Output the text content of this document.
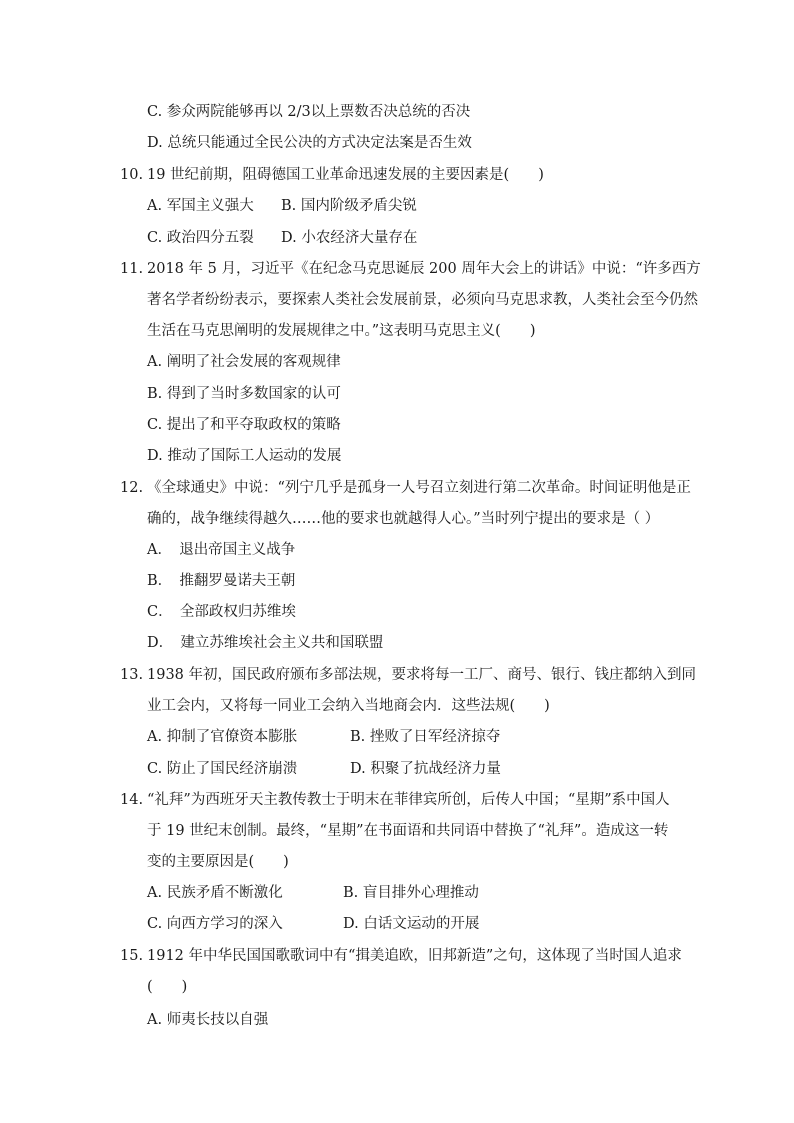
C. 参众两院能够再以 2/3以上票数否决总统的否决
D. 总统只能通过全民公决的方式决定法案是否生效
10. 19 世纪前期，阻碍德国工业革命迅速发展的主要因素是(　　)
A. 军国主义强大 B. 国内阶级矛盾尖锐
C. 政治四分五裂 D. 小农经济大量存在
11. 2018 年 5 月，习近平《在纪念马克思诞辰 200 周年大会上的讲话》中说：“许多西方
著名学者纷纷表示，要探索人类社会发展前景，必须向马克思求教，人类社会至今仍然
生活在马克思阐明的发展规律之中。”这表明马克思主义(　　)
A. 阐明了社会发展的客观规律
B. 得到了当时多数国家的认可
C. 提出了和平夺取政权的策略
D. 推动了国际工人运动的发展
12. 《全球通史》中说：“列宁几乎是孤身一人号召立刻进行第二次革命。时间证明他是正
确的，战争继续得越久……他的要求也就越得人心。”当时列宁提出的要求是（ ）
A．　退出帝国主义战争
B．　推翻罗曼诺夫王朝
C．　全部政权归苏维埃
D．　建立苏维埃社会主义共和国联盟
13. 1938 年初，国民政府颁布多部法规，要求将每一工厂、商号、银行、钱庄都纳入到同
业工会内，又将每一同业工会纳入当地商会内．这些法规(　　)
A. 抑制了官僚资本膨胀	B. 挫败了日军经济掠夺
C. 防止了国民经济崩溃	D. 积聚了抗战经济力量
14. “礼拜”为西班牙天主教传教士于明末在菲律宾所创，后传人中国；“星期”系中国人
于 19 世纪末创制。最终，“星期”在书面语和共同语中替换了“礼拜”。造成这一转
变的主要原因是(　　)
A. 民族矛盾不断激化	B. 盲目排外心理推动
C. 向西方学习的深入	D. 白话文运动的开展
15. 1912 年中华民国国歌歌词中有“揖美追欧，旧邦新造”之句，这体现了当时国人追求
(　　)
A. 师夷长技以自强
